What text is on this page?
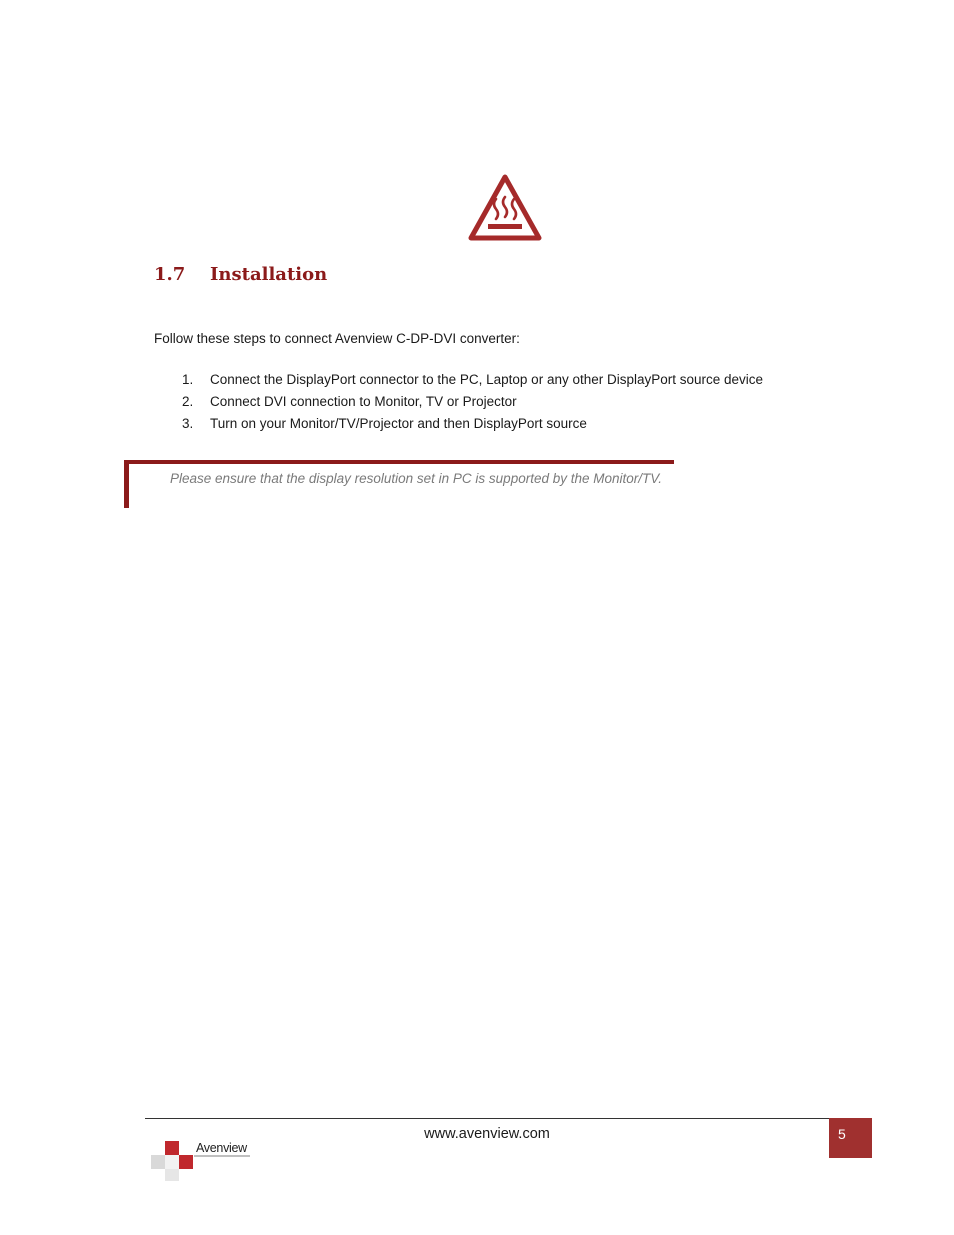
1.7	Installation
Follow these steps to connect Avenview C-DP-DVI converter:
1.	Connect the DisplayPort connector to the PC, Laptop or any other DisplayPort source device
2.	Connect DVI connection to Monitor, TV or Projector
3.	Turn on your Monitor/TV/Projector and then DisplayPort source
Please ensure that the display resolution set in PC is supported by the Monitor/TV.
www.avenview.com	5
Avenview
